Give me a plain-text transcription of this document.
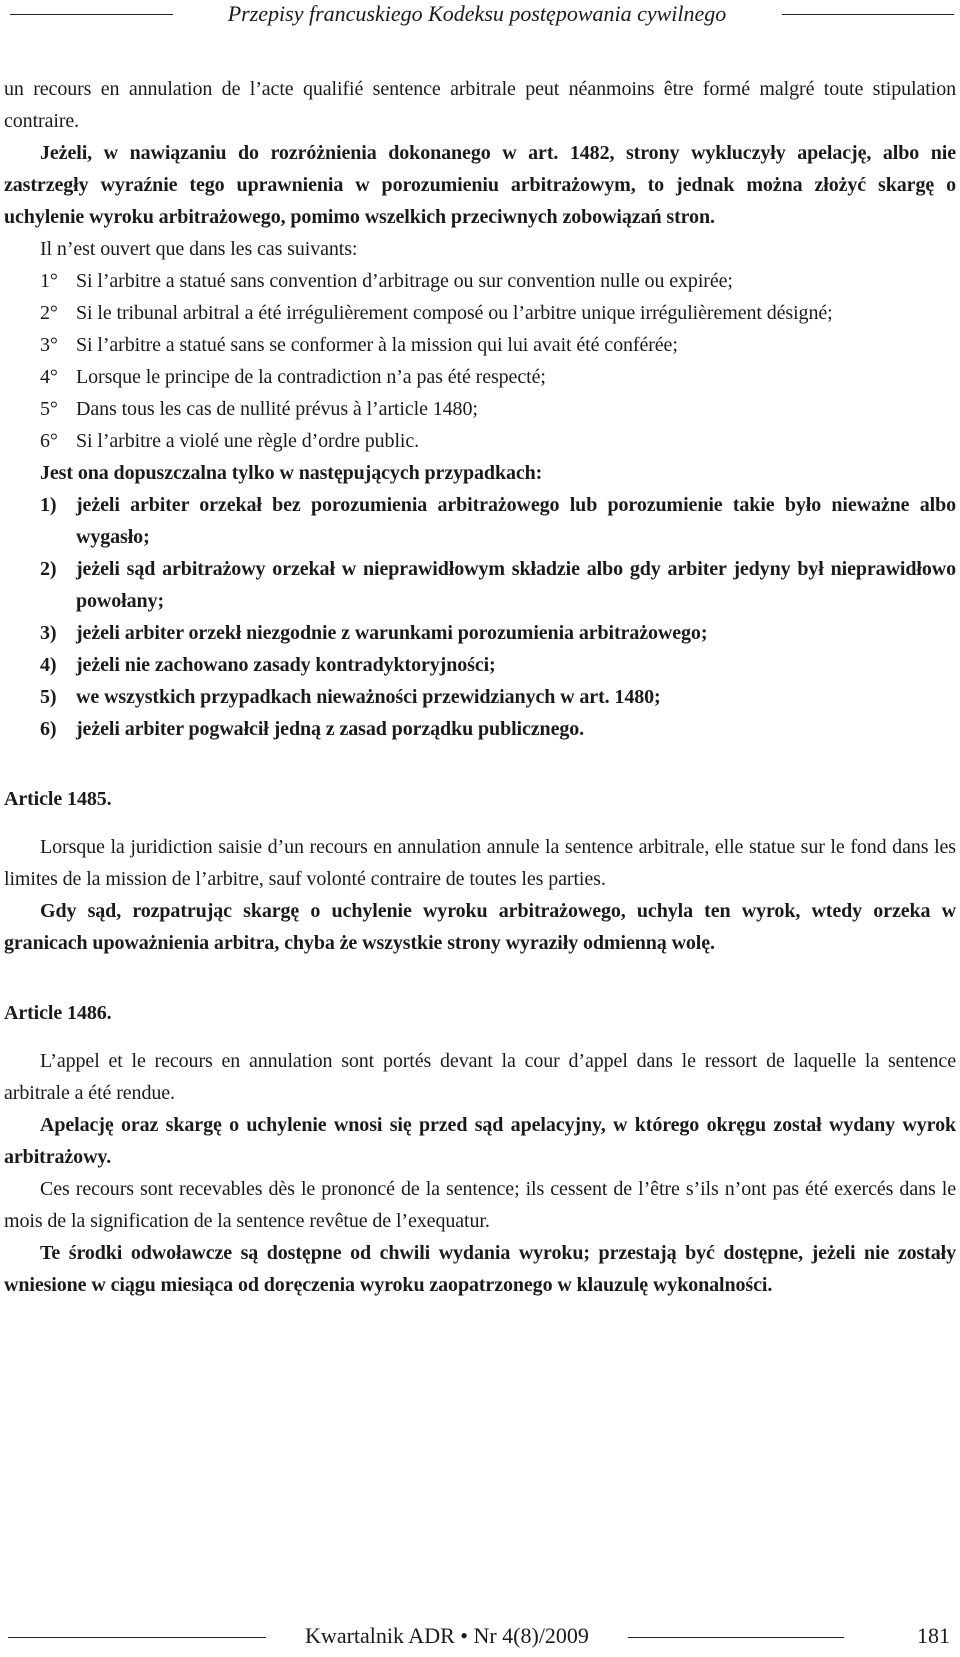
Przepisy francuskiego Kodeksu postępowania cywilnego

un recours en annulation de l’acte qualifié sentence arbitrale peut néanmoins être formé malgré toute stipulation contraire.

Jeżeli, w nawiązaniu do rozróżnienia dokonanego w art. 1482, strony wykluczyły apelację, albo nie zastrzegły wyraźnie tego uprawnienia w porozumieniu arbitrażowym, to jednak można złożyć skargę o uchylenie wyroku arbitrażowego, pomimo wszelkich przeciwnych zobowiązań stron.

Il n’est ouvert que dans les cas suivants:

1° Si l’arbitre a statué sans convention d’arbitrage ou sur convention nulle ou expirée;
2° Si le tribunal arbitral a été irrégulièrement composé ou l’arbitre unique irrégulièrement désigné;
3° Si l’arbitre a statué sans se conformer à la mission qui lui avait été conférée;
4° Lorsque le principe de la contradiction n’a pas été respecté;
5° Dans tous les cas de nullité prévus à l’article 1480;
6° Si l’arbitre a violé une règle d’ordre public.

Jest ona dopuszczalna tylko w następujących przypadkach:

1) jeżeli arbiter orzekał bez porozumienia arbitrażowego lub porozumienie takie było nieważne albo wygasło;
2) jeżeli sąd arbitrażowy orzekał w nieprawidłowym składzie albo gdy arbiter jedyny był nieprawidłowo powołany;
3) jeżeli arbiter orzekł niezgodnie z warunkami porozumienia arbitrażowego;
4) jeżeli nie zachowano zasady kontradyktoryjności;
5) we wszystkich przypadkach nieważności przewidzianych w art. 1480;
6) jeżeli arbiter pogwałcił jedną z zasad porządku publicznego.

Article 1485.

Lorsque la juridiction saisie d’un recours en annulation annule la sentence arbitrale, elle statue sur le fond dans les limites de la mission de l’arbitre, sauf volonté contraire de toutes les parties.

Gdy sąd, rozpatrując skargę o uchylenie wyroku arbitrażowego, uchyla ten wyrok, wtedy orzeka w granicach upoważnienia arbitra, chyba że wszystkie strony wyraziły odmienną wolę.

Article 1486.

L’appel et le recours en annulation sont portés devant la cour d’appel dans le ressort de laquelle la sentence arbitrale a été rendue.

Apelację oraz skargę o uchylenie wnosi się przed sąd apelacyjny, w którego okręgu został wydany wyrok arbitrażowy.

Ces recours sont recevables dès le prononcé de la sentence; ils cessent de l’être s’ils n’ont pas été exercés dans le mois de la signification de la sentence revêtue de l’exequatur.

Te środki odwoławcze są dostępne od chwili wydania wyroku; przestają być dostępne, jeżeli nie zostały wniesione w ciągu miesiąca od doręczenia wyroku zaopatrzonego w klauzulę wykonalności.

Kwartalnik ADR • Nr 4(8)/2009	181
